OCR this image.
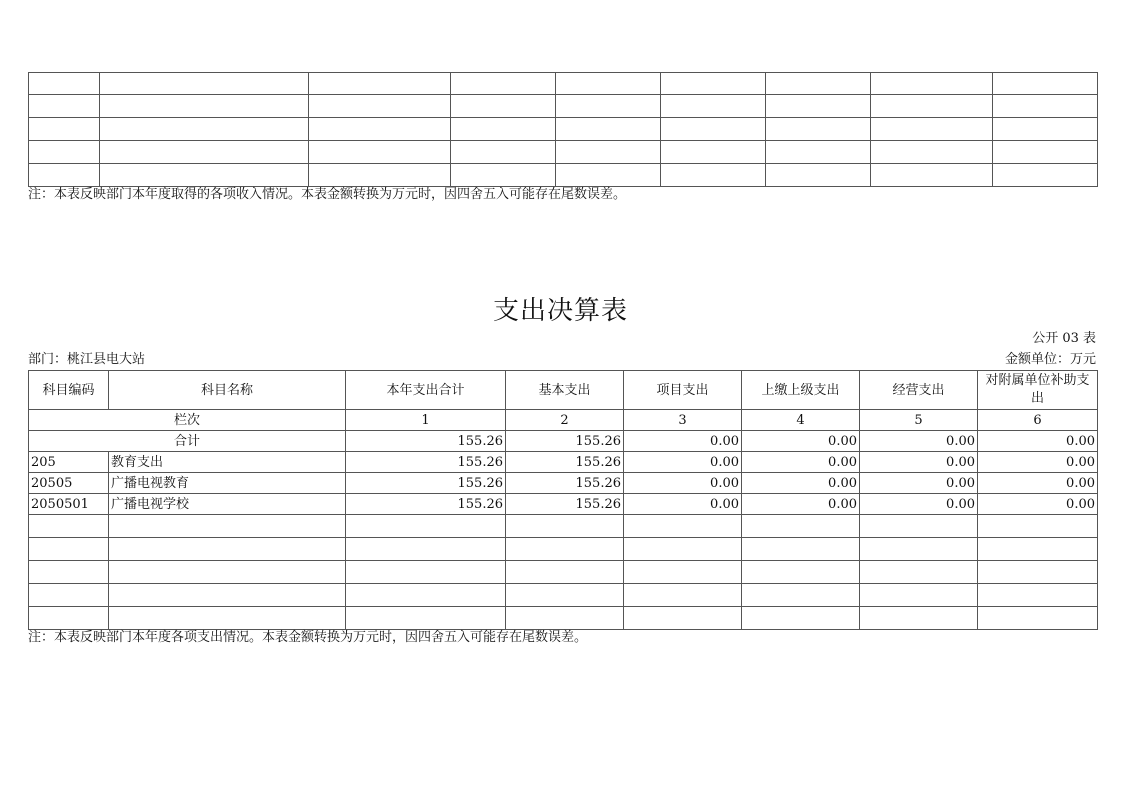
注：本表反映部门本年度取得的各项收入情况。本表金额转换为万元时，因四舍五入可能存在尾数误差。
支出决算表
公开 03 表
部门：桃江县电大站	金额单位：万元
科目编码	科目名称	本年支出合计	基本支出	项目支出	上缴上级支出	经营支出	对附属单位补助支出
栏次		1	2	3	4	5	6
合计		155.26	155.26	0.00	0.00	0.00	0.00
205	教育支出	155.26	155.26	0.00	0.00	0.00	0.00
20505	广播电视教育	155.26	155.26	0.00	0.00	0.00	0.00
2050501	广播电视学校	155.26	155.26	0.00	0.00	0.00	0.00

注：本表反映部门本年度各项支出情况。本表金额转换为万元时，因四舍五入可能存在尾数误差。
